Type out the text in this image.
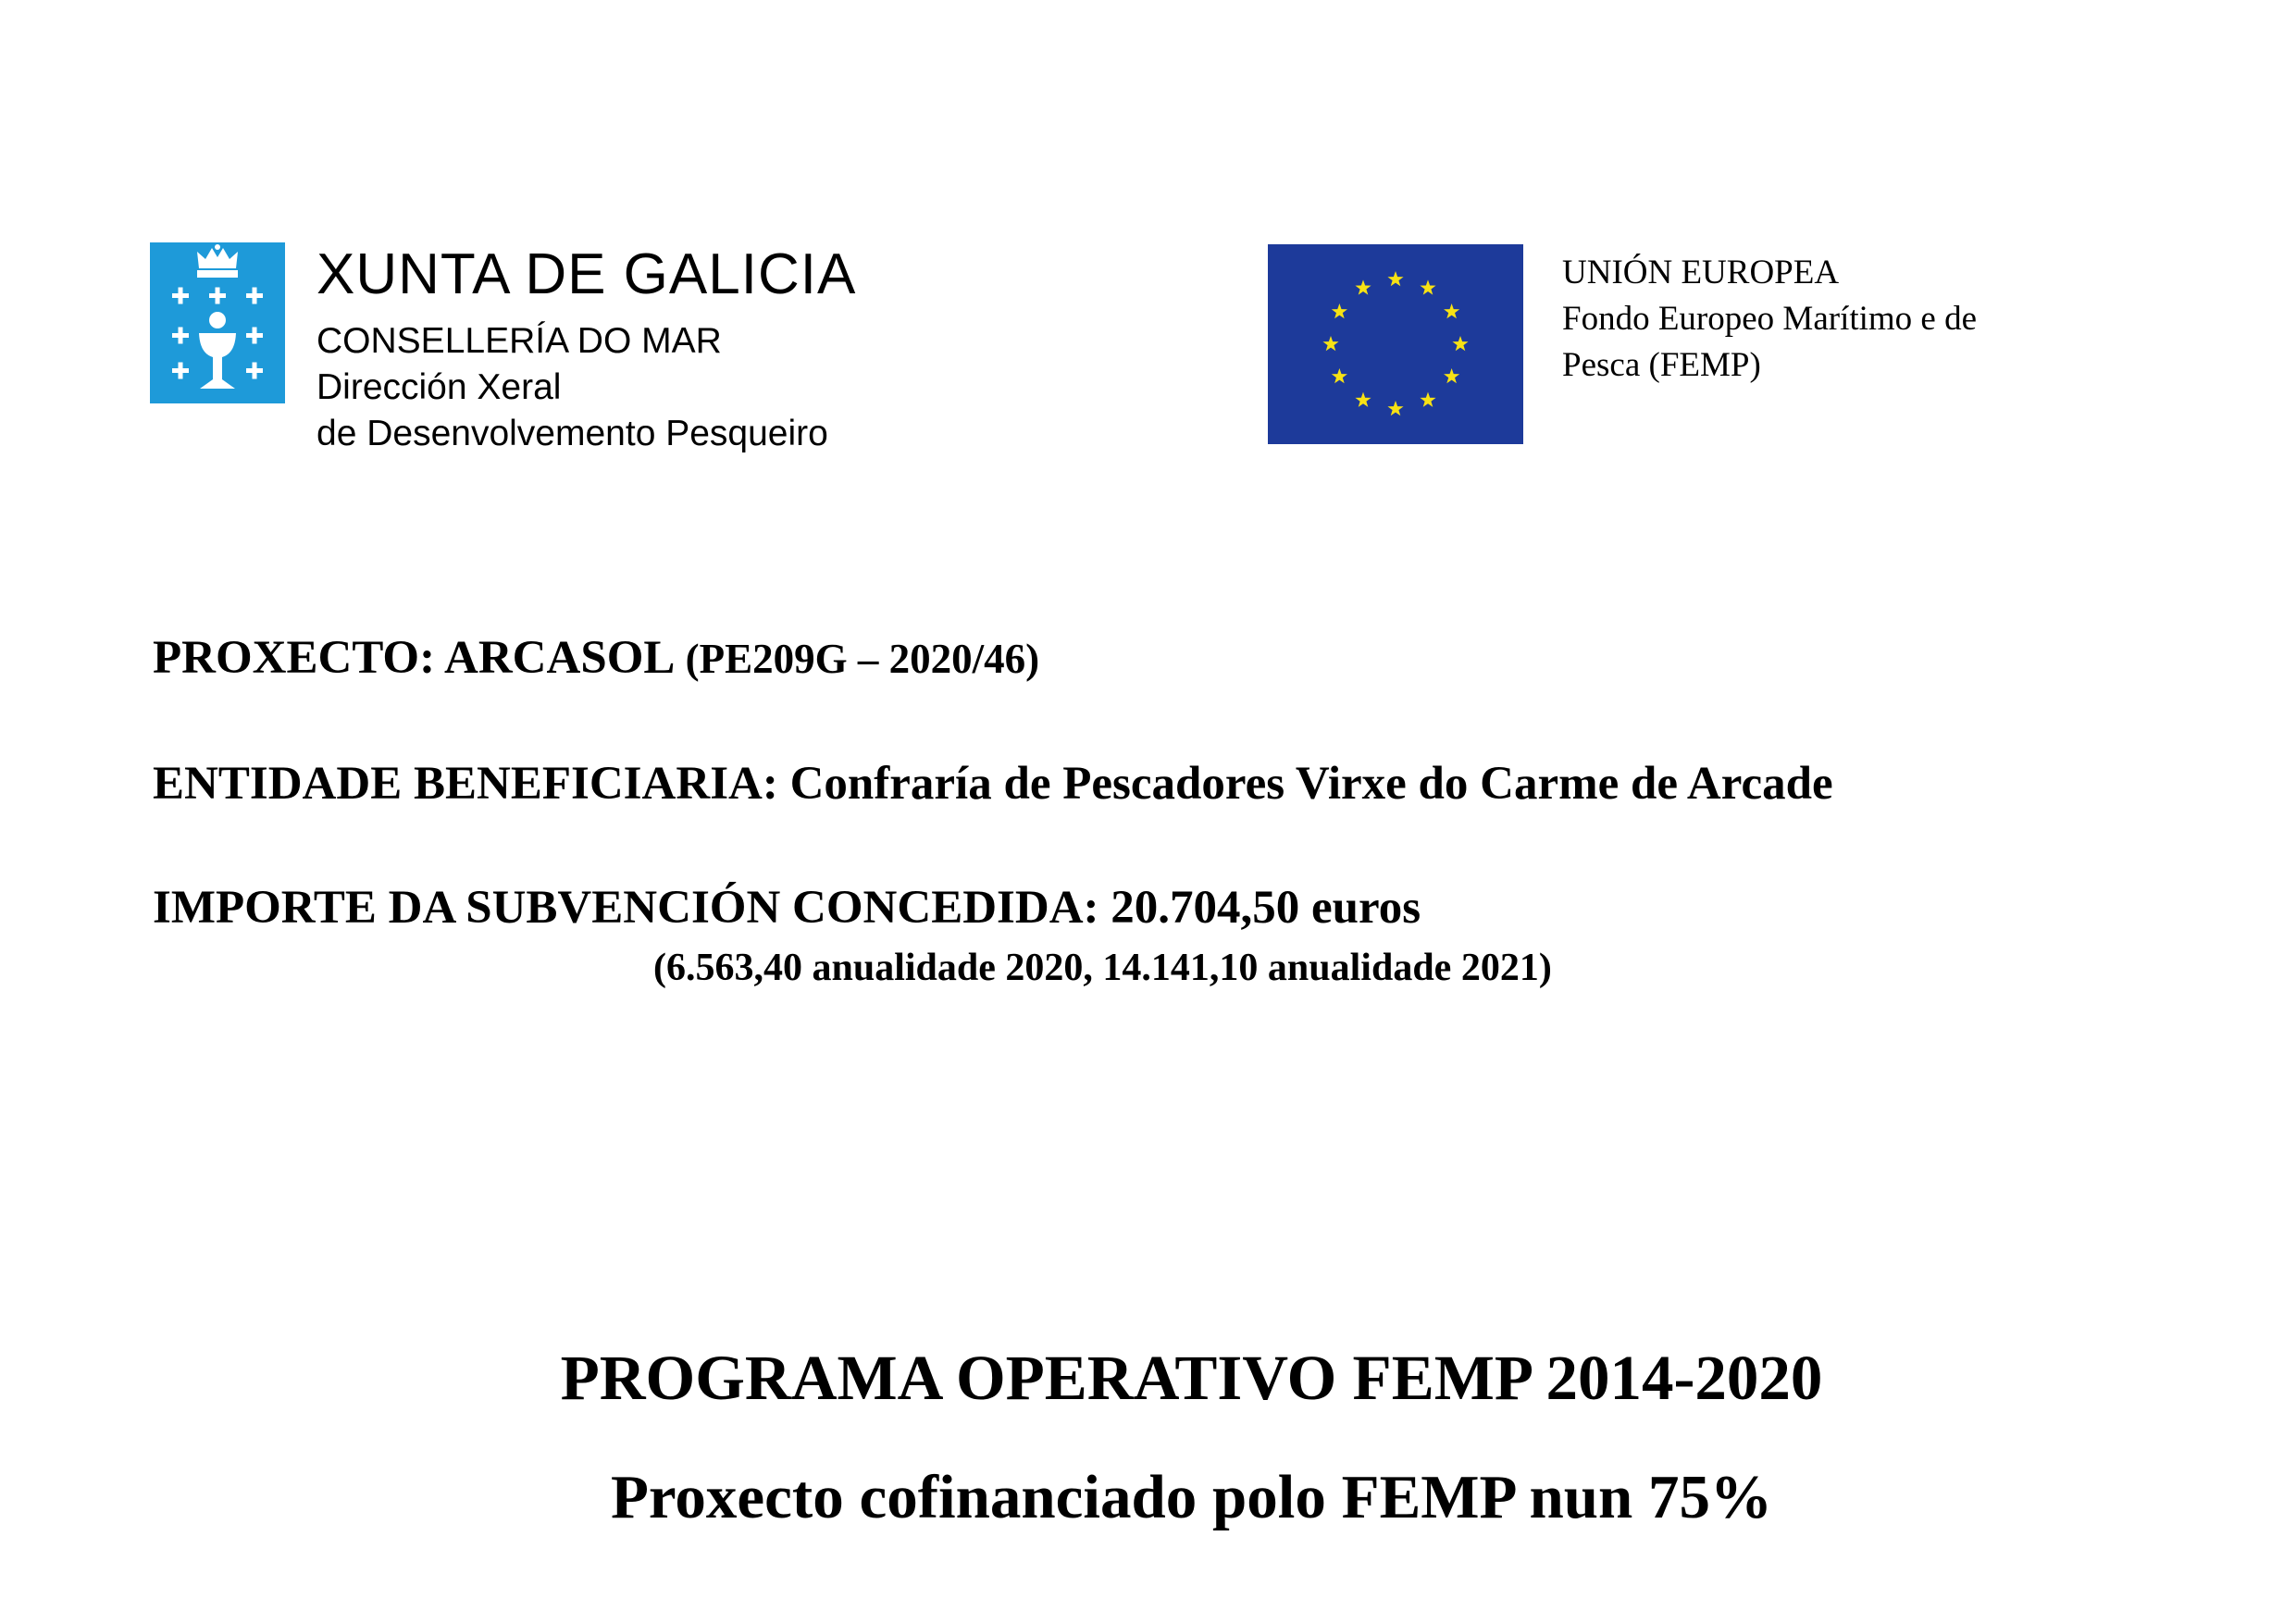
XUNTA DE GALICIA
CONSELLERÍA DO MAR
Dirección Xeral
de Desenvolvemento Pesqueiro
UNIÓN EUROPEA
Fondo Europeo Marítimo e de
Pesca (FEMP)
PROXECTO: ARCASOL (PE209G – 2020/46)
ENTIDADE BENEFICIARIA: Confraría de Pescadores Virxe do Carme de Arcade
IMPORTE DA SUBVENCIÓN CONCEDIDA: 20.704,50 euros
(6.563,40 anualidade 2020, 14.141,10 anualidade 2021)
PROGRAMA OPERATIVO FEMP 2014-2020
Proxecto cofinanciado polo FEMP nun 75%
